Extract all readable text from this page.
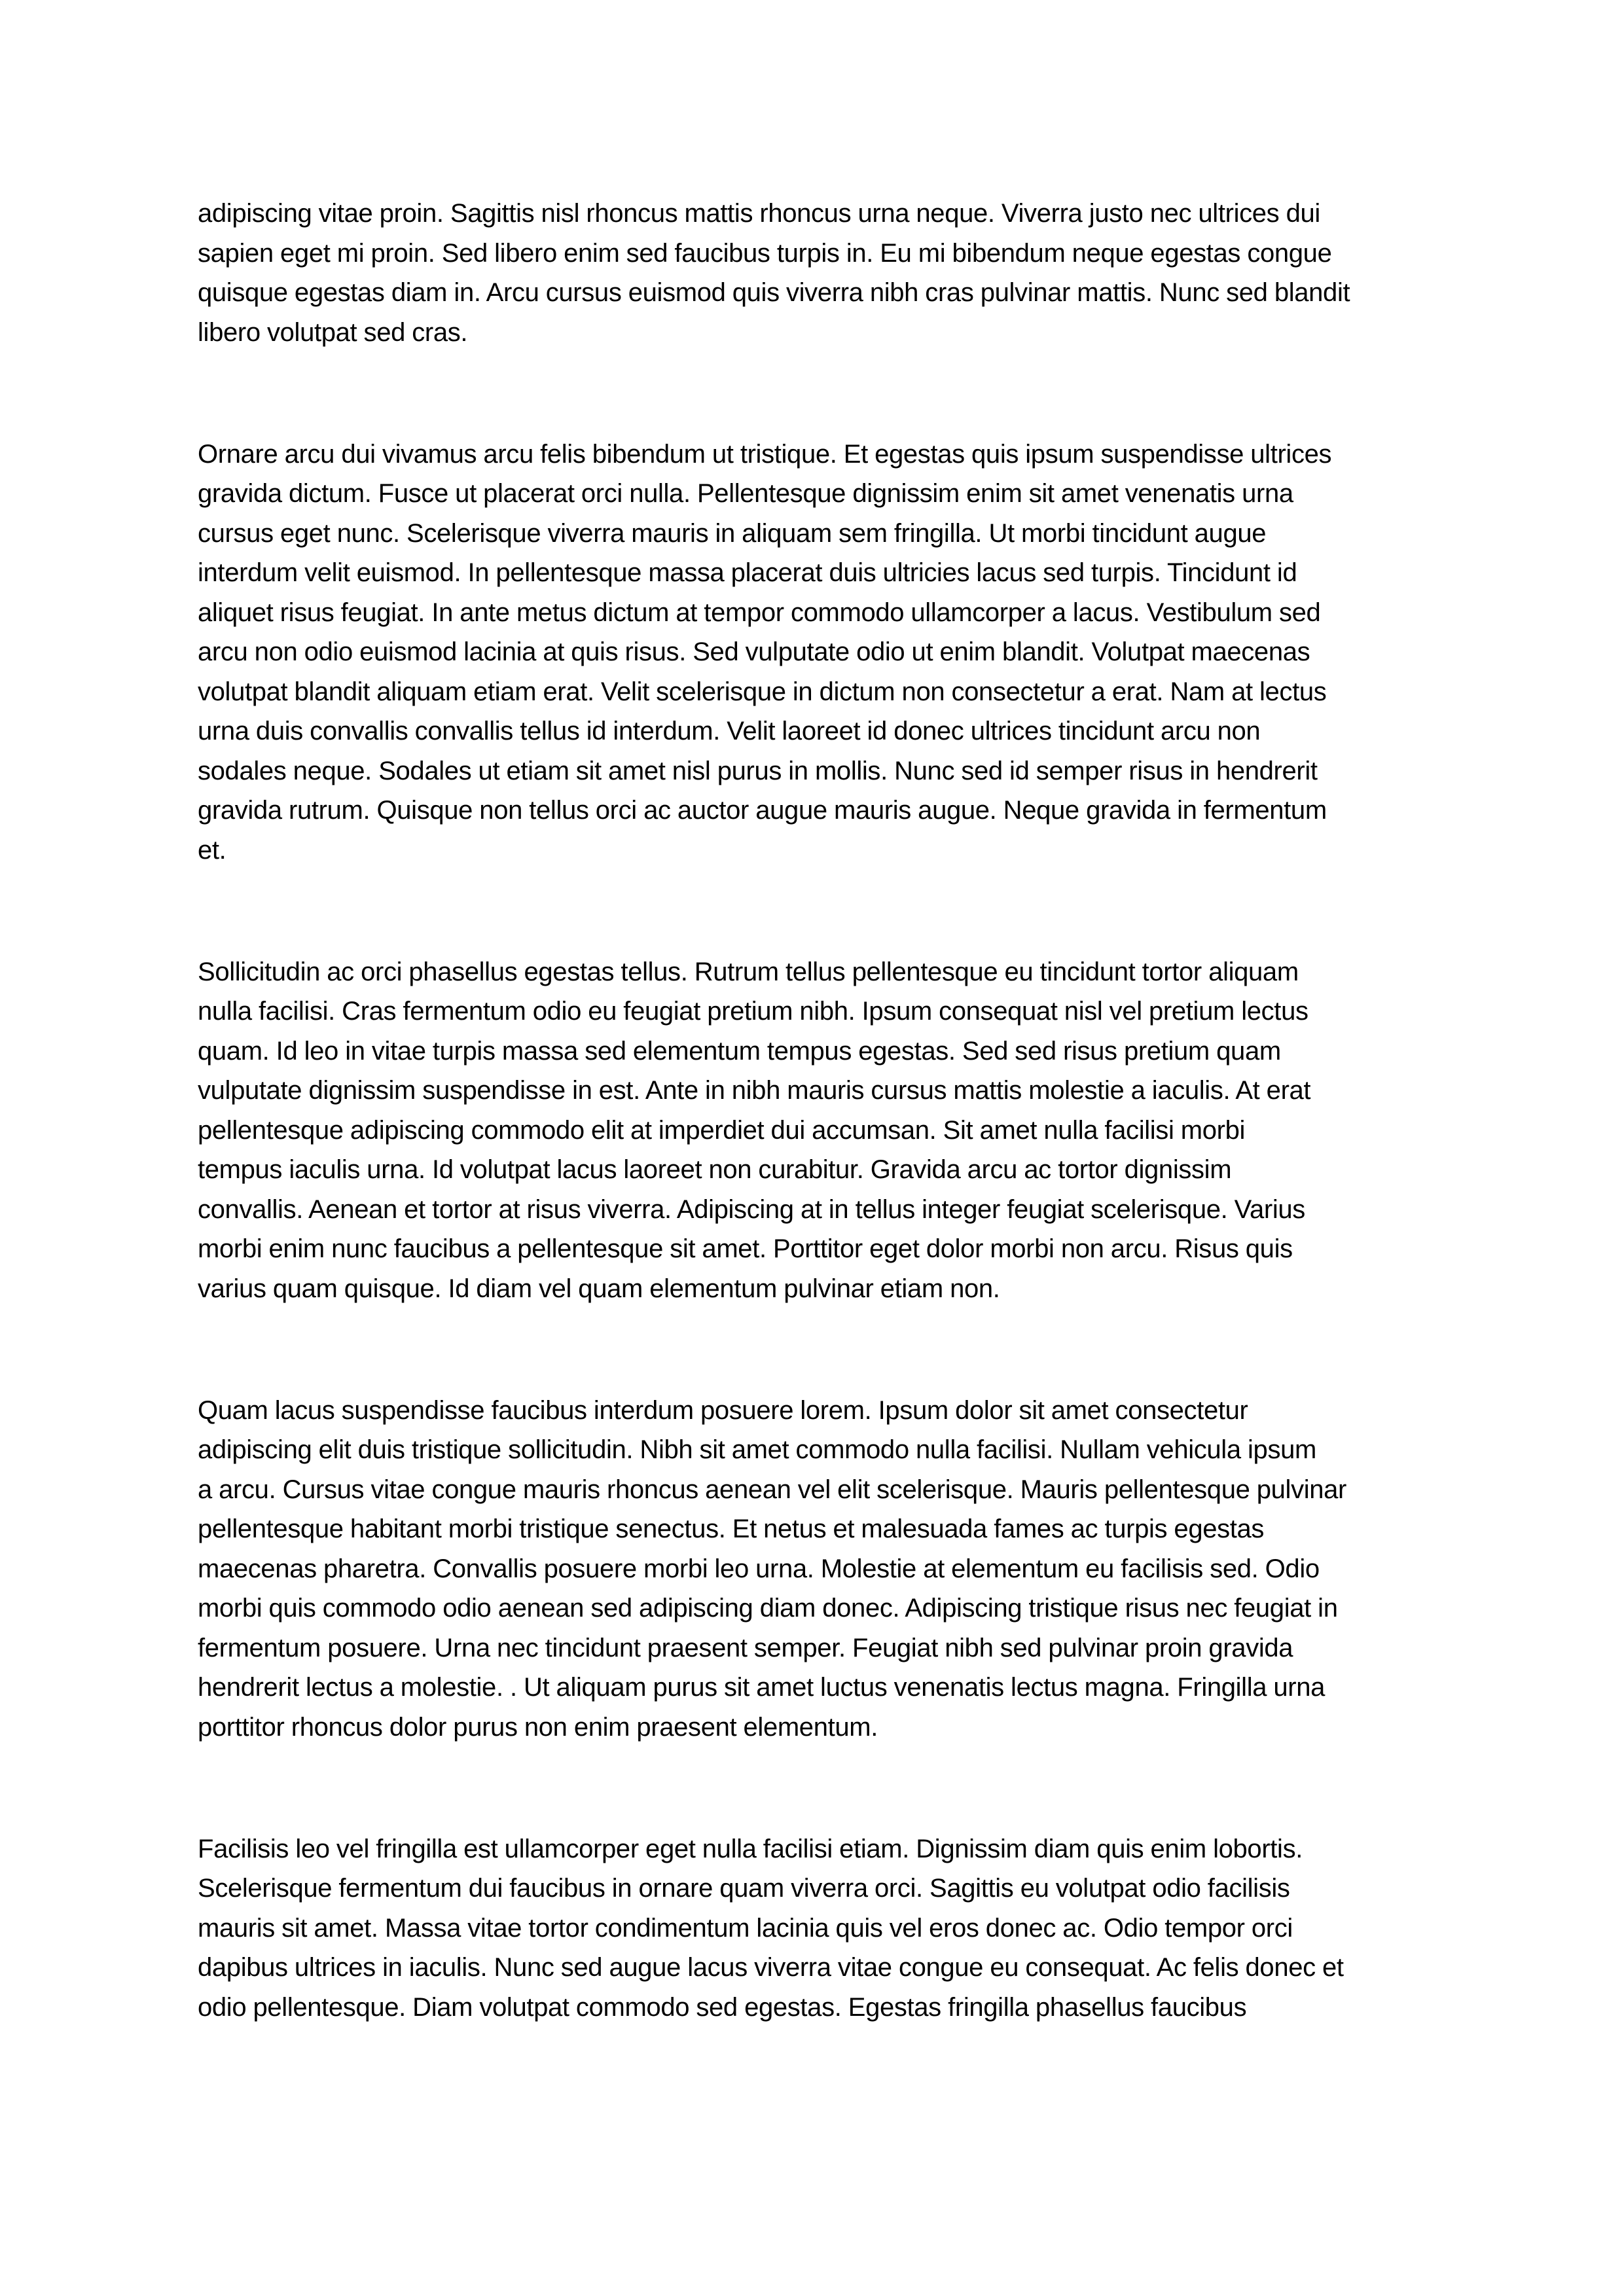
adipiscing vitae proin. Sagittis nisl rhoncus mattis rhoncus urna neque. Viverra justo nec ultrices dui
sapien eget mi proin. Sed libero enim sed faucibus turpis in. Eu mi bibendum neque egestas congue
quisque egestas diam in. Arcu cursus euismod quis viverra nibh cras pulvinar mattis. Nunc sed blandit
libero volutpat sed cras.

Ornare arcu dui vivamus arcu felis bibendum ut tristique. Et egestas quis ipsum suspendisse ultrices
gravida dictum. Fusce ut placerat orci nulla. Pellentesque dignissim enim sit amet venenatis urna
cursus eget nunc. Scelerisque viverra mauris in aliquam sem fringilla. Ut morbi tincidunt augue
interdum velit euismod. In pellentesque massa placerat duis ultricies lacus sed turpis. Tincidunt id
aliquet risus feugiat. In ante metus dictum at tempor commodo ullamcorper a lacus. Vestibulum sed
arcu non odio euismod lacinia at quis risus. Sed vulputate odio ut enim blandit. Volutpat maecenas
volutpat blandit aliquam etiam erat. Velit scelerisque in dictum non consectetur a erat. Nam at lectus
urna duis convallis convallis tellus id interdum. Velit laoreet id donec ultrices tincidunt arcu non
sodales neque. Sodales ut etiam sit amet nisl purus in mollis. Nunc sed id semper risus in hendrerit
gravida rutrum. Quisque non tellus orci ac auctor augue mauris augue. Neque gravida in fermentum
et.

Sollicitudin ac orci phasellus egestas tellus. Rutrum tellus pellentesque eu tincidunt tortor aliquam
nulla facilisi. Cras fermentum odio eu feugiat pretium nibh. Ipsum consequat nisl vel pretium lectus
quam. Id leo in vitae turpis massa sed elementum tempus egestas. Sed sed risus pretium quam
vulputate dignissim suspendisse in est. Ante in nibh mauris cursus mattis molestie a iaculis. At erat
pellentesque adipiscing commodo elit at imperdiet dui accumsan. Sit amet nulla facilisi morbi
tempus iaculis urna. Id volutpat lacus laoreet non curabitur. Gravida arcu ac tortor dignissim
convallis. Aenean et tortor at risus viverra. Adipiscing at in tellus integer feugiat scelerisque. Varius
morbi enim nunc faucibus a pellentesque sit amet. Porttitor eget dolor morbi non arcu. Risus quis
varius quam quisque. Id diam vel quam elementum pulvinar etiam non.

Quam lacus suspendisse faucibus interdum posuere lorem. Ipsum dolor sit amet consectetur
adipiscing elit duis tristique sollicitudin. Nibh sit amet commodo nulla facilisi. Nullam vehicula ipsum
a arcu. Cursus vitae congue mauris rhoncus aenean vel elit scelerisque. Mauris pellentesque pulvinar
pellentesque habitant morbi tristique senectus. Et netus et malesuada fames ac turpis egestas
maecenas pharetra. Convallis posuere morbi leo urna. Molestie at elementum eu facilisis sed. Odio
morbi quis commodo odio aenean sed adipiscing diam donec. Adipiscing tristique risus nec feugiat in
fermentum posuere. Urna nec tincidunt praesent semper. Feugiat nibh sed pulvinar proin gravida
hendrerit lectus a molestie. . Ut aliquam purus sit amet luctus venenatis lectus magna. Fringilla urna
porttitor rhoncus dolor purus non enim praesent elementum.

Facilisis leo vel fringilla est ullamcorper eget nulla facilisi etiam. Dignissim diam quis enim lobortis.
Scelerisque fermentum dui faucibus in ornare quam viverra orci. Sagittis eu volutpat odio facilisis
mauris sit amet. Massa vitae tortor condimentum lacinia quis vel eros donec ac. Odio tempor orci
dapibus ultrices in iaculis. Nunc sed augue lacus viverra vitae congue eu consequat. Ac felis donec et
odio pellentesque. Diam volutpat commodo sed egestas. Egestas fringilla phasellus faucibus
